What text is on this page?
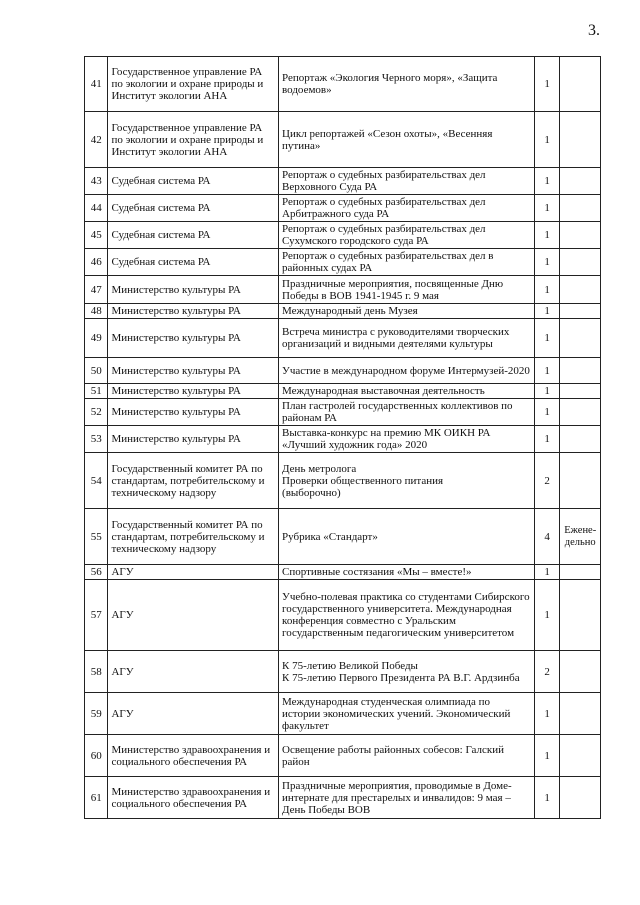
3.
41	Государственное управление РА по экологии и охране природы и Институт экологии АНА	Репортаж «Экология Черного моря», «Защита водоемов»	1	
42	Государственное управление РА по экологии и охране природы и Институт экологии АНА	Цикл репортажей «Сезон охоты», «Весенняя путина»	1	
43	Судебная система РА	Репортаж о судебных разбирательствах дел Верховного Суда РА	1	
44	Судебная система РА	Репортаж о судебных разбирательствах дел Арбитражного суда РА	1	
45	Судебная система РА	Репортаж о судебных разбирательствах дел Сухумского городского суда РА	1	
46	Судебная система РА	Репортаж о судебных разбирательствах дел в районных судах РА	1	
47	Министерство культуры РА	Праздничные мероприятия, посвященные Дню Победы в ВОВ 1941-1945 г. 9 мая	1	
48	Министерство культуры РА	Международный день Музея	1	
49	Министерство культуры РА	Встреча министра с руководителями творческих организаций и видными деятелями культуры	1	
50	Министерство культуры РА	Участие в международном форуме Интермузей-2020	1	
51	Министерство культуры РА	Международная выставочная деятельность	1	
52	Министерство культуры РА	План гастролей государственных коллективов по районам РА	1	
53	Министерство культуры РА	Выставка-конкурс на премию МК ОИКН РА «Лучший художник года» 2020	1	
54	Государственный комитет РА по стандартам, потребительскому и техническому надзору	День метролога
Проверки общественного питания
(выборочно)	2	
55	Государственный комитет РА по стандартам, потребительскому и техническому надзору	Рубрика «Стандарт»	4	Ежене-дельно
56	АГУ	Спортивные состязания «Мы – вместе!»	1	
57	АГУ	Учебно-полевая практика со студентами Сибирского государственного университета. Международная конференция совместно с Уральским государственным педагогическим университетом	1	
58	АГУ	К 75-летию Великой Победы
К 75-летию Первого Президента РА В.Г. Ардзинба	2	
59	АГУ	Международная студенческая олимпиада по истории экономических учений. Экономический факультет	1	
60	Министерство здравоохранения и социального обеспечения РА	Освещение работы районных собесов: Галский район	1	
61	Министерство здравоохранения и социального обеспечения РА	Праздничные мероприятия, проводимые в Доме-интернате для престарелых и инвалидов: 9 мая – День Победы ВОВ	1	
